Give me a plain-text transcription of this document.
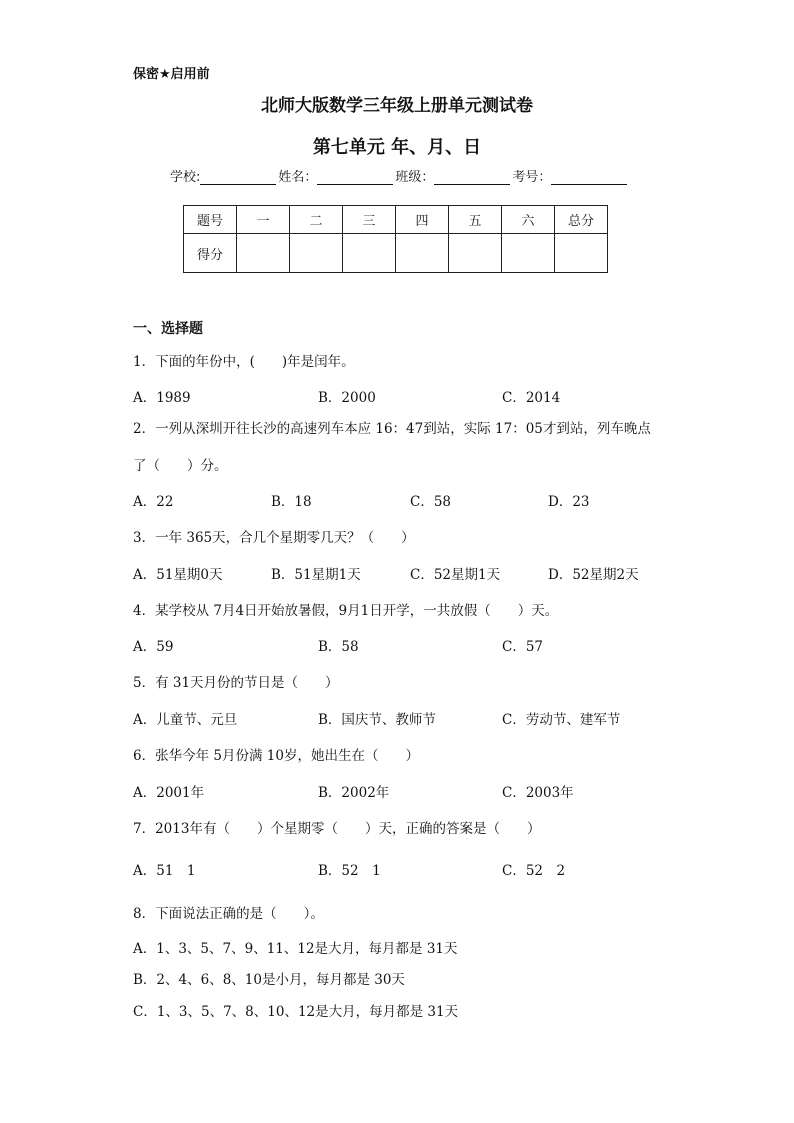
保密★启用前
北师大版数学三年级上册单元测试卷
第七单元 年、月、日
学校:	姓名：	班级：	考号：
题号	一	二	三	四	五	六	总分
得分							
一、选择题
1．下面的年份中，(　　)年是闰年。
A．1989	B．2000	C．2014
2．一列从深圳开往长沙的高速列车本应 16：47到站，实际 17：05才到站，列车晚点
了（　　）分。
A．22	B．18	C．58	D．23
3．一年 365天，合几个星期零几天？（　　）
A．51星期0天	B．51星期1天	C．52星期1天	D．52星期2天
4．某学校从 7月4日开始放暑假，9月1日开学，一共放假（　　）天。
A．59	B．58	C．57
5．有 31天月份的节日是（　　）
A．儿童节、元旦	B．国庆节、教师节	C．劳动节、建军节
6．张华今年 5月份满 10岁，她出生在（　　）
A．2001年	B．2002年	C．2003年
7．2013年有（　　）个星期零（　　）天，正确的答案是（　　）
A．51　1	B．52　1	C．52　2
8．下面说法正确的是（　　）。
A．1、3、5、7、9、11、12是大月，每月都是 31天
B．2、4、6、8、10是小月，每月都是 30天
C．1、3、5、7、8、10、12是大月，每月都是 31天
